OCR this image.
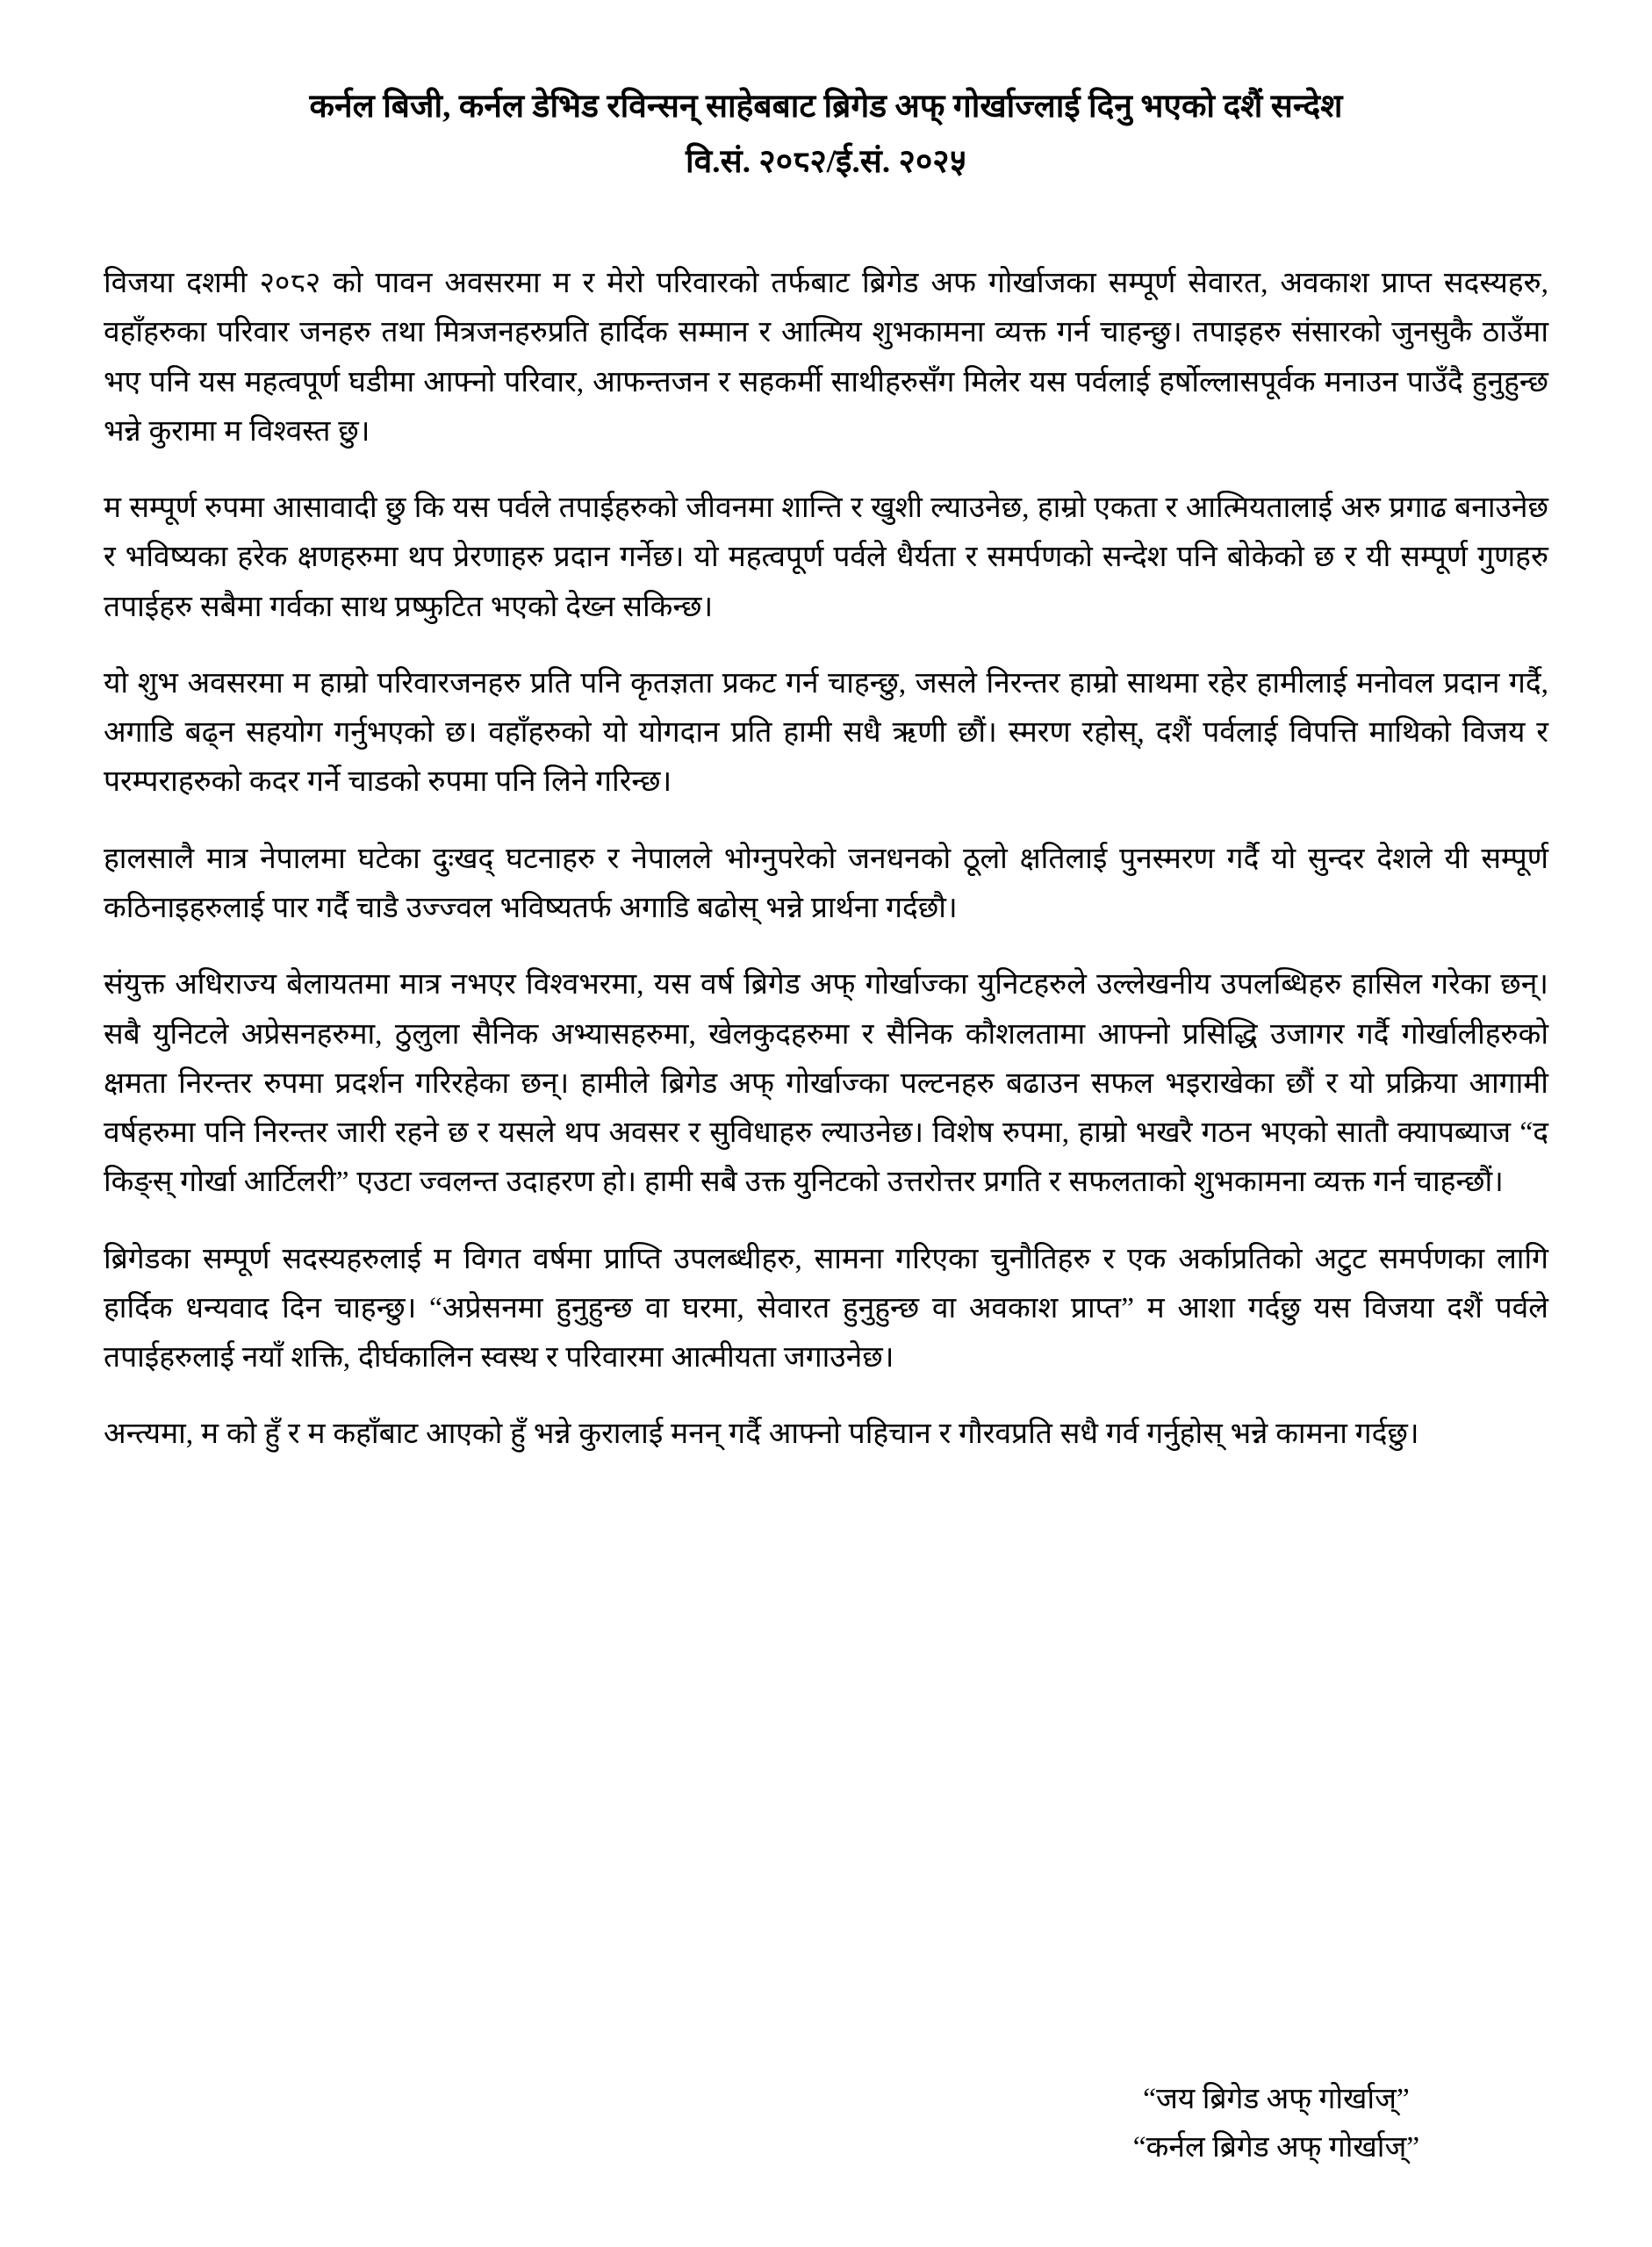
कर्नल बिजी, कर्नल डेभिड रविन्सन् साहेबबाट ब्रिगेड अफ् गोर्खाज्लाई दिनु भएको दशैं सन्देश
वि.सं. २०८२/ई.सं. २०२५

विजया दशमी २०८२ को पावन अवसरमा म र मेरो परिवारको तर्फबाट ब्रिगेड अफ गोर्खाजका सम्पूर्ण सेवारत, अवकाश प्राप्त सदस्यहरु, वहाँहरुका परिवार जनहरु तथा मित्रजनहरुप्रति हार्दिक सम्मान र आत्मिय शुभकामना व्यक्त गर्न चाहन्छु। तपाइहरु संसारको जुनसुकै ठाउँमा भए पनि यस महत्वपूर्ण घडीमा आफ्नो परिवार, आफन्तजन र सहकर्मी साथीहरुसँग मिलेर यस पर्वलाई हर्षोल्लासपूर्वक मनाउन पाउँदै हुनुहुन्छ भन्ने कुरामा म विश्वस्त छु।

म सम्पूर्ण रुपमा आसावादी छु कि यस पर्वले तपाईहरुको जीवनमा शान्ति र खुशी ल्याउनेछ, हाम्रो एकता र आत्मियतालाई अरु प्रगाढ बनाउनेछ र भविष्यका हरेक क्षणहरुमा थप प्रेरणाहरु प्रदान गर्नेछ। यो महत्वपूर्ण पर्वले धैर्यता र समर्पणको सन्देश पनि बोकेको छ र यी सम्पूर्ण गुणहरु तपाईहरु सबैमा गर्वका साथ प्रष्फुटित भएको देख्न सकिन्छ।

यो शुभ अवसरमा म हाम्रो परिवारजनहरु प्रति पनि कृतज्ञता प्रकट गर्न चाहन्छु, जसले निरन्तर हाम्रो साथमा रहेर हामीलाई मनोवल प्रदान गर्दै, अगाडि बढ्न सहयोग गर्नुभएको छ। वहाँहरुको यो योगदान प्रति हामी सधै ऋणी छौं। स्मरण रहोस्, दशैं पर्वलाई विपत्ति माथिको विजय र परम्पराहरुको कदर गर्ने चाडको रुपमा पनि लिने गरिन्छ।

हालसालै मात्र नेपालमा घटेका दुःखद् घटनाहरु र नेपालले भोग्नुपरेको जनधनको ठूलो क्षतिलाई पुनस्मरण गर्दै यो सुन्दर देशले यी सम्पूर्ण कठिनाइहरुलाई पार गर्दै चाडै उज्ज्वल भविष्यतर्फ अगाडि बढोस् भन्ने प्रार्थना गर्दछौ।

संयुक्त अधिराज्य बेलायतमा मात्र नभएर विश्वभरमा, यस वर्ष ब्रिगेड अफ् गोर्खाज्का युनिटहरुले उल्लेखनीय उपलब्धिहरु हासिल गरेका छन्। सबै युनिटले अप्रेसनहरुमा, ठुलुला सैनिक अभ्यासहरुमा, खेलकुदहरुमा र सैनिक कौशलतामा आफ्नो प्रसिद्धि उजागर गर्दै गोर्खालीहरुको क्षमता निरन्तर रुपमा प्रदर्शन गरिरहेका छन्। हामीले ब्रिगेड अफ् गोर्खाज्का पल्टनहरु बढाउन सफल भइराखेका छौं र यो प्रक्रिया आगामी वर्षहरुमा पनि निरन्तर जारी रहने छ र यसले थप अवसर र सुविधाहरु ल्याउनेछ। विशेष रुपमा, हाम्रो भखरै गठन भएको सातौ क्यापब्याज “द किङ्स् गोर्खा आर्टिलरी” एउटा ज्वलन्त उदाहरण हो। हामी सबै उक्त युनिटको उत्तरोत्तर प्रगति र सफलताको शुभकामना व्यक्त गर्न चाहन्छौं।

ब्रिगेडका सम्पूर्ण सदस्यहरुलाई म विगत वर्षमा प्राप्ति उपलब्धीहरु, सामना गरिएका चुनौतिहरु र एक अर्काप्रतिको अटुट समर्पणका लागि हार्दिक धन्यवाद दिन चाहन्छु। “अप्रेसनमा हुनुहुन्छ वा घरमा, सेवारत हुनुहुन्छ वा अवकाश प्राप्त” म आशा गर्दछु यस विजया दशैं पर्वले तपाईहरुलाई नयाँ शक्ति, दीर्घकालिन स्वस्थ र परिवारमा आत्मीयता जगाउनेछ।

अन्त्यमा, म को हुँ र म कहाँबाट आएको हुँ भन्ने कुरालाई मनन् गर्दै आफ्नो पहिचान र गौरवप्रति सधै गर्व गर्नुहोस् भन्ने कामना गर्दछु।

“जय ब्रिगेड अफ् गोर्खाज्”
“कर्नल ब्रिगेड अफ् गोर्खाज्”
